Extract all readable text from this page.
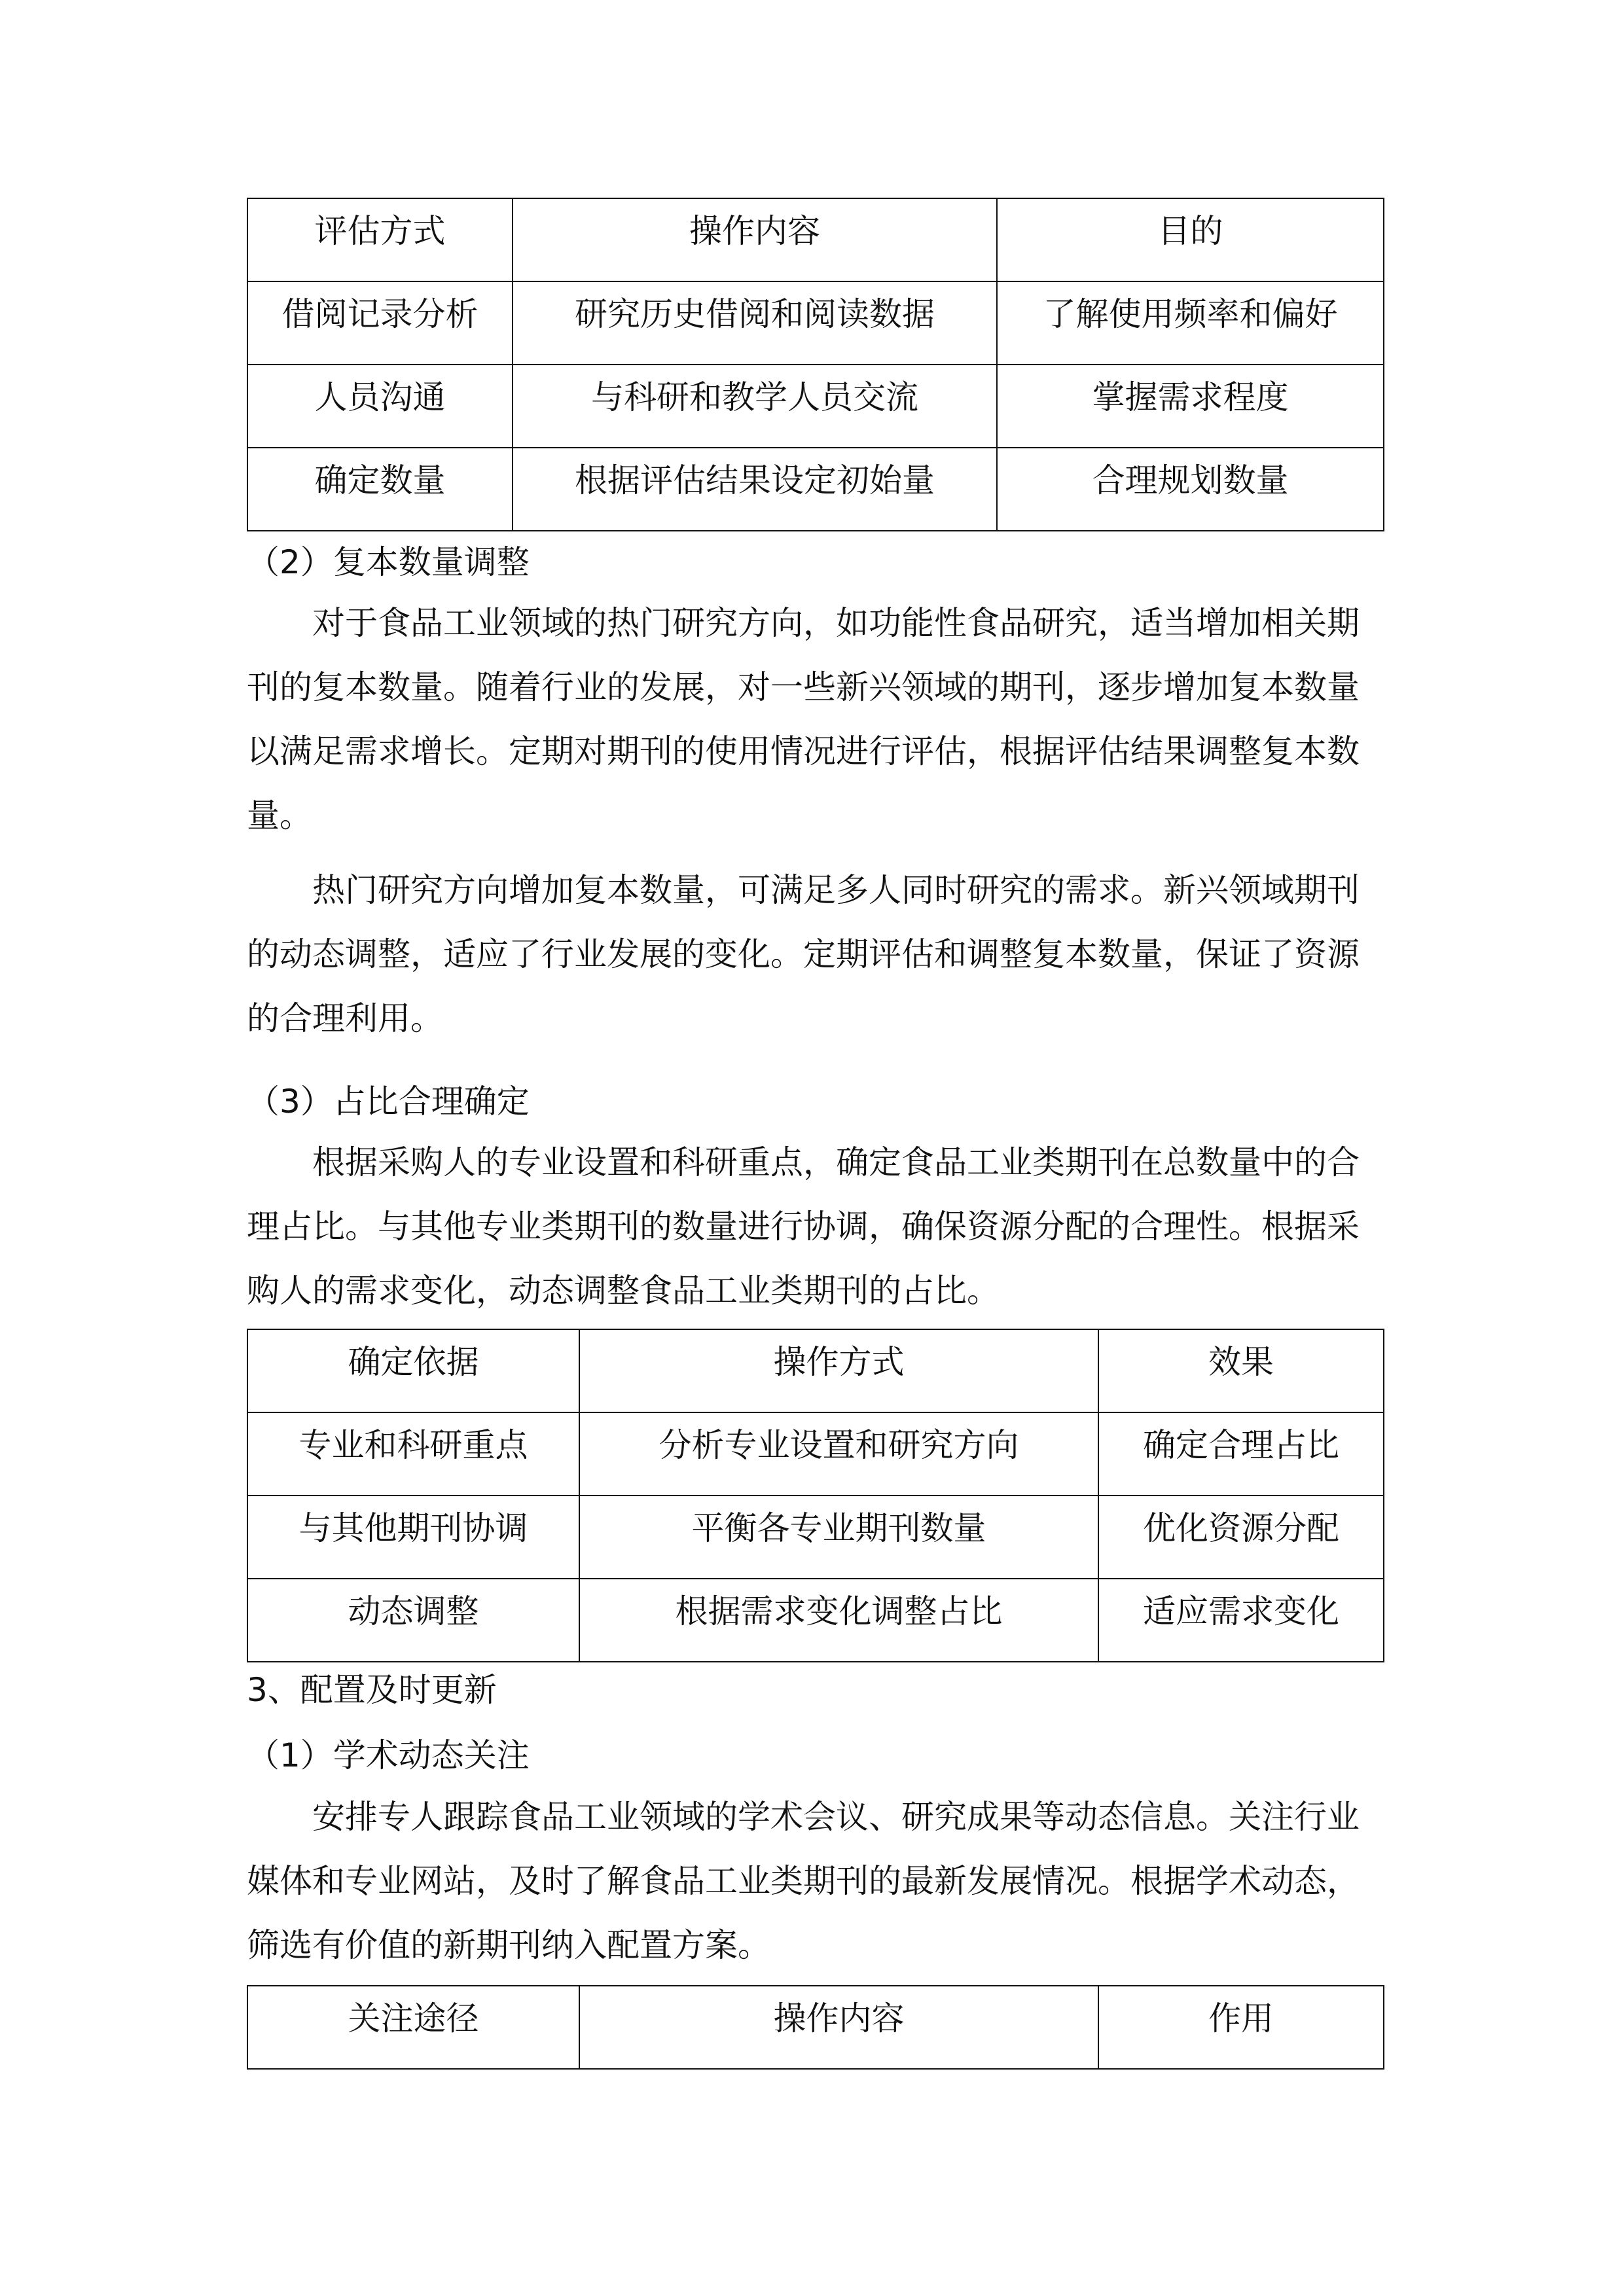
评估方式	操作内容	目的

借阅记录分析	研究历史借阅和阅读数据	了解使用频率和偏好

人员沟通	与科研和教学人员交流	掌握需求程度

确定数量	根据评估结果设定初始量	合理规划数量

（2）复本数量调整

对于食品工业领域的热门研究方向，如功能性食品研究，适当增加相关期
刊的复本数量。随着行业的发展，对一些新兴领域的期刊，逐步增加复本数量
以满足需求增长。定期对期刊的使用情况进行评估，根据评估结果调整复本数
量。
热门研究方向增加复本数量，可满足多人同时研究的需求。新兴领域期刊
的动态调整，适应了行业发展的变化。定期评估和调整复本数量，保证了资源
的合理利用。

（3）占比合理确定

根据采购人的专业设置和科研重点，确定食品工业类期刊在总数量中的合
理占比。与其他专业类期刊的数量进行协调，确保资源分配的合理性。根据采
购人的需求变化，动态调整食品工业类期刊的占比。
确定依据	操作方式	效果

专业和科研重点	分析专业设置和研究方向	确定合理占比

与其他期刊协调	平衡各专业期刊数量	优化资源分配

动态调整	根据需求变化调整占比	适应需求变化

3、配置及时更新

（1）学术动态关注

安排专人跟踪食品工业领域的学术会议、研究成果等动态信息。关注行业
媒体和专业网站，及时了解食品工业类期刊的最新发展情况。根据学术动态，
筛选有价值的新期刊纳入配置方案。
关注途径	操作内容	作用
